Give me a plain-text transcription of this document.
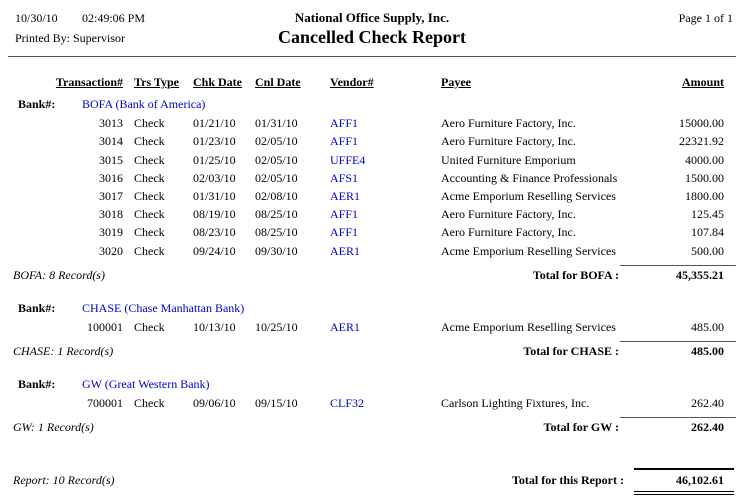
10/30/10 02:49:06 PM
Printed By: Supervisor
National Office Supply, Inc.
Cancelled Check Report
Page 1 of 1
Transaction# Trs Type	Chk Date	Cnl Date	Vendor#	Payee	Amount
Bank#:	BOFA (Bank of America)
3013 Check	01/21/10	01/31/10	AFF1	Aero Furniture Factory, Inc.	15000.00
3014 Check	01/23/10	02/05/10	AFF1	Aero Furniture Factory, Inc.	22321.92
3015 Check	01/25/10	02/05/10	UFFE4	United Furniture Emporium	4000.00
3016 Check	02/03/10	02/05/10	AFS1	Accounting & Finance Professionals	1500.00
3017 Check	01/31/10	02/08/10	AER1	Acme Emporium Reselling Services	1800.00
3018 Check	08/19/10	08/25/10	AFF1	Aero Furniture Factory, Inc.	125.45
3019 Check	08/23/10	08/25/10	AFF1	Aero Furniture Factory, Inc.	107.84
3020 Check	09/24/10	09/30/10	AER1	Acme Emporium Reselling Services	500.00
BOFA: 8 Record(s)	Total for BOFA :	45,355.21
Bank#:	CHASE (Chase Manhattan Bank)
100001 Check	10/13/10	10/25/10	AER1	Acme Emporium Reselling Services	485.00
CHASE: 1 Record(s)	Total for CHASE :	485.00
Bank#:	GW (Great Western Bank)
700001 Check	09/06/10	09/15/10	CLF32	Carlson Lighting Fixtures, Inc.	262.40
GW: 1 Record(s)	Total for GW :	262.40
Report: 10 Record(s)	Total for this Report :	46,102.61
